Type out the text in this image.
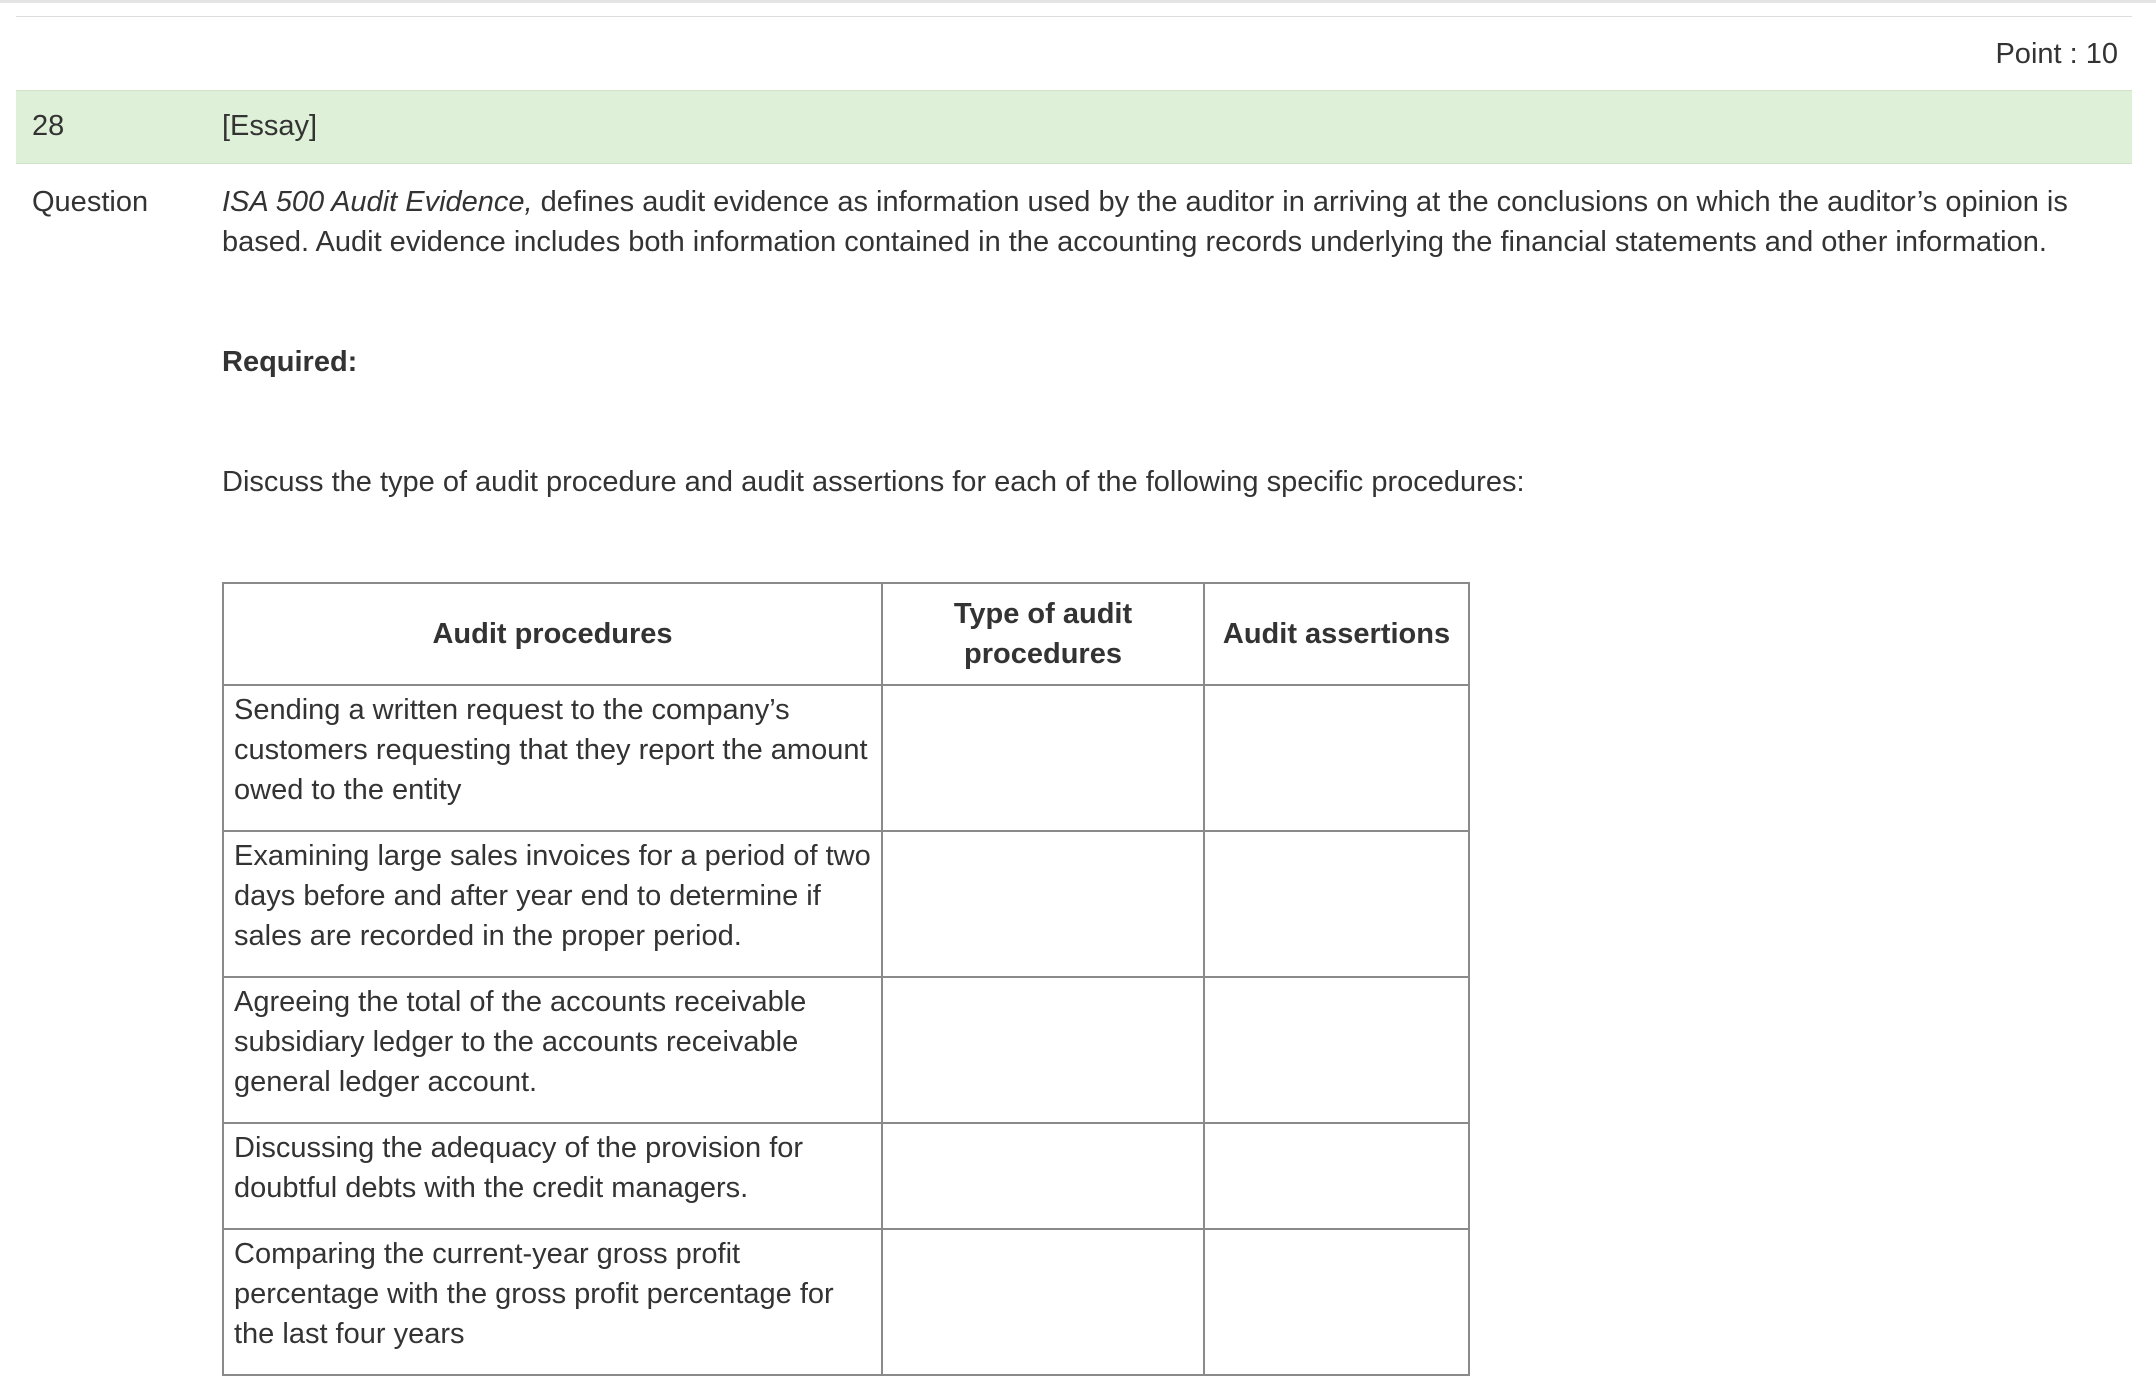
Point : 10
28	[Essay]
Question	ISA 500 Audit Evidence, defines audit evidence as information used by the auditor in arriving at the conclusions on which the auditor’s opinion is based. Audit evidence includes both information contained in the accounting records underlying the financial statements and other information.

Required:
Discuss the type of audit procedure and audit assertions for each of the following specific procedures:
Audit procedures	Type of audit procedures	Audit assertions
Sending a written request to the company’s customers requesting that they report the amount owed to the entity		
Examining large sales invoices for a period of two days before and after year end to determine if sales are recorded in the proper period.		
Agreeing the total of the accounts receivable subsidiary ledger to the accounts receivable general ledger account.		
Discussing the adequacy of the provision for doubtful debts with the credit managers.		
Comparing the current-year gross profit percentage with the gross profit percentage for the last four years		
